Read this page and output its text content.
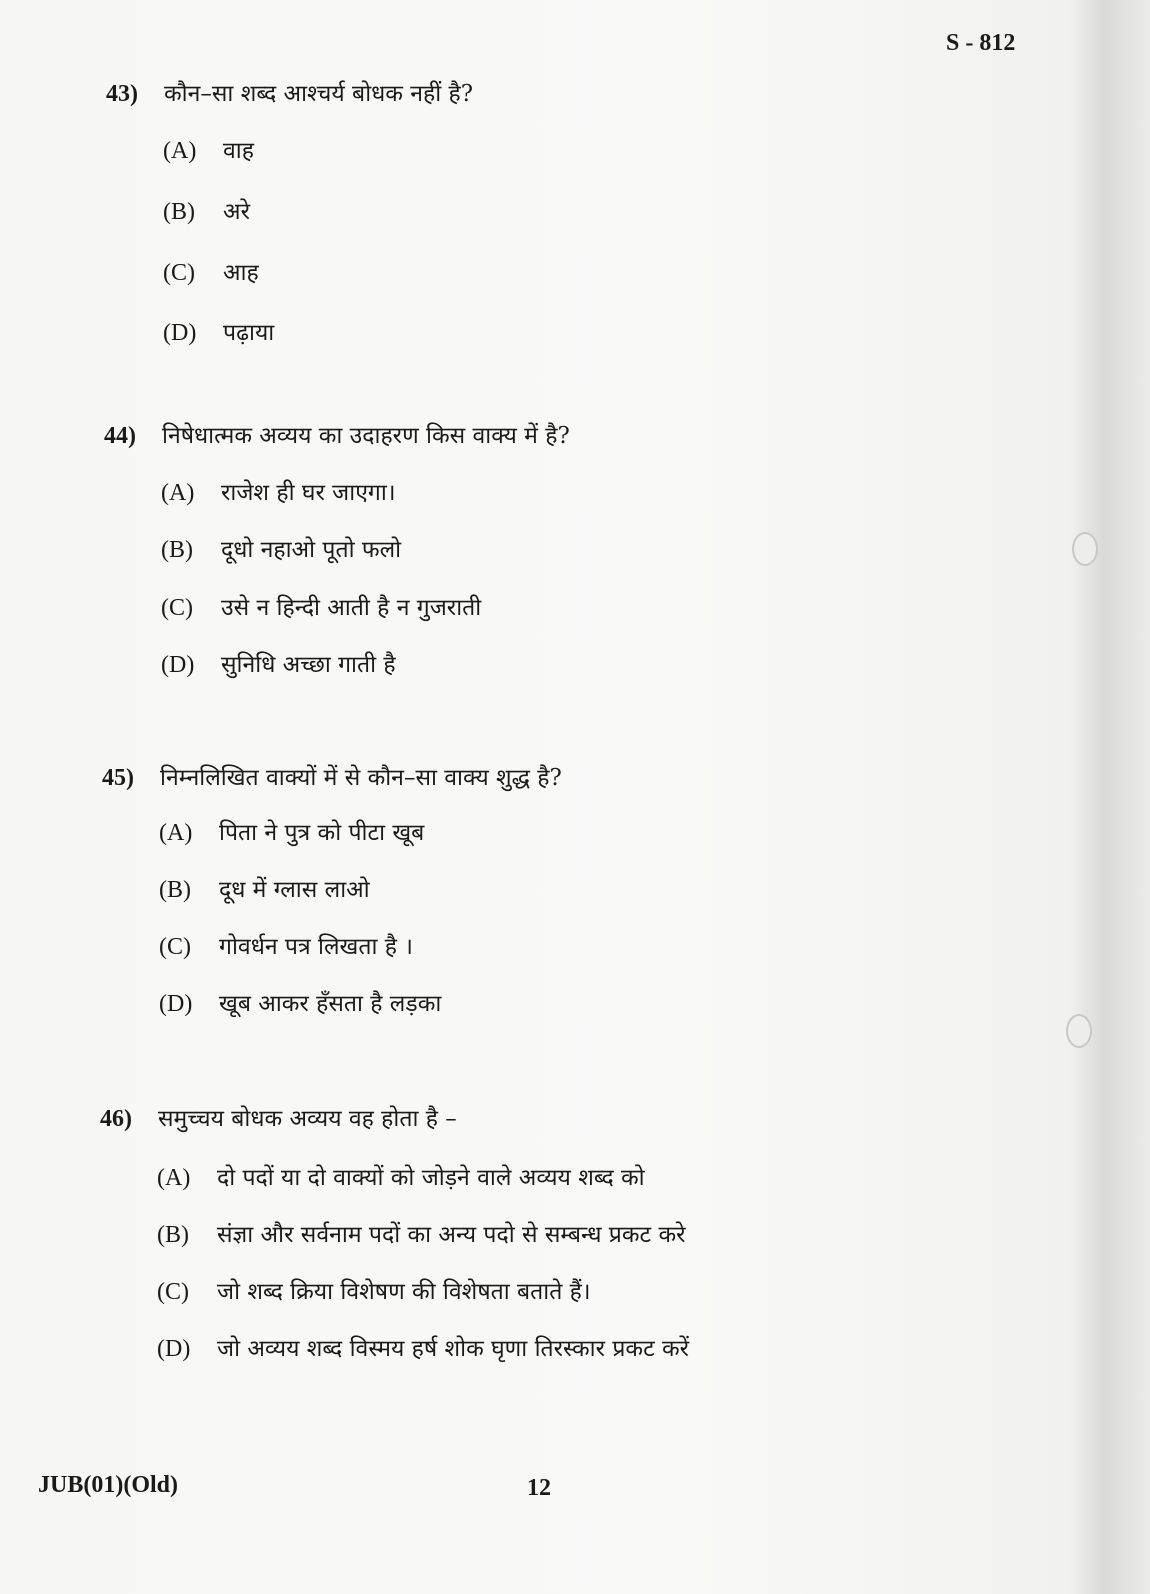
S - 812
43) कौन–सा शब्द आश्चर्य बोधक नहीं है?
(A) वाह
(B) अरे
(C) आह
(D) पढ़ाया
44) निषेधात्मक अव्यय का उदाहरण किस वाक्य में है?
(A) राजेश ही घर जाएगा।
(B) दूधो नहाओ पूतो फलो
(C) उसे न हिन्दी आती है न गुजराती
(D) सुनिधि अच्छा गाती है
45) निम्नलिखित वाक्यों में से कौन–सा वाक्य शुद्ध है?
(A) पिता ने पुत्र को पीटा खूब
(B) दूध में ग्लास लाओ
(C) गोवर्धन पत्र लिखता है ।
(D) खूब आकर हँसता है लड़का
46) समुच्चय बोधक अव्यय वह होता है –
(A) दो पदों या दो वाक्यों को जोड़ने वाले अव्यय शब्द को
(B) संज्ञा और सर्वनाम पदों का अन्य पदो से सम्बन्ध प्रकट करे
(C) जो शब्द क्रिया विशेषण की विशेषता बताते हैं।
(D) जो अव्यय शब्द विस्मय हर्ष शोक घृणा तिरस्कार प्रकट करें
JUB(01)(Old)	12
